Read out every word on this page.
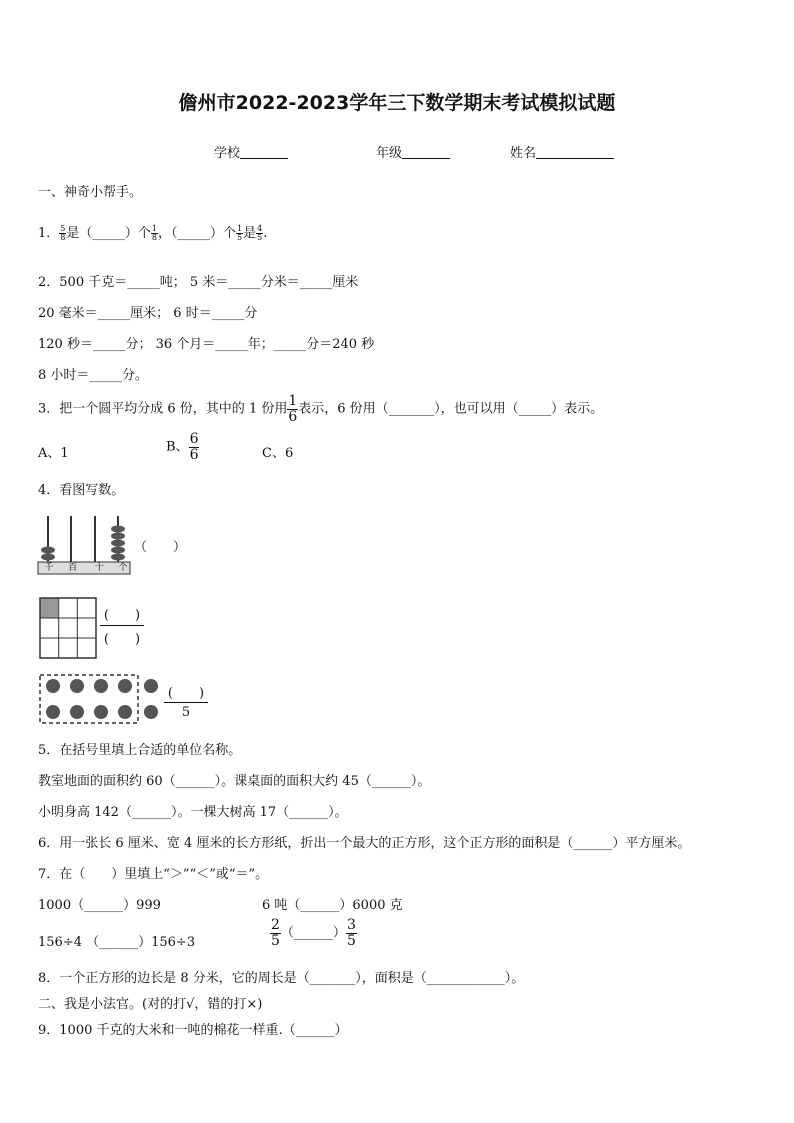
儋州市2022-2023学年三下数学期末考试模拟试题
学校	年级	姓名
一、神奇小帮手。
1． $\frac{5}{8}$ 是（_____）个 $\frac{1}{8}$ ，（_____）个 $\frac{1}{5}$ 是 $\frac{4}{5}$ .
2．500 千克＝_____吨； 5 米＝_____分米＝_____厘米
20 毫米＝_____厘米； 6 时＝_____分
120 秒＝_____分； 36 个月＝_____年；_____分＝240 秒
8 小时＝_____分。
3．把一个圆平均分成 6 份，其中的 1 份用 $\frac{1}{6}$ 表示，6 份用（_______），也可以用（_____）表示。
A、1	B、 $\frac{6}{6}$	C、6
4．看图写数。
千	百	十	个
（　　）
(　　)
(　　)
(　　)
5
5．在括号里填上合适的单位名称。
教室地面的面积约 60（______）。课桌面的面积大约 45（______）。
小明身高 142（______）。一棵大树高 17（______）。
6．用一张长 6 厘米、宽 4 厘米的长方形纸，折出一个最大的正方形，这个正方形的面积是（______）平方厘米。
7．在（　　）里填上“＞”“＜”或“＝”。
1000（______）999	6 吨（______）6000 克
156÷4 （______）156÷3	$\frac{2}{5}$ （______） $\frac{3}{5}$
8．一个正方形的边长是 8 分米，它的周长是（_______），面积是（____________）。
二、我是小法官。(对的打√，错的打×)
9．1000 千克的大米和一吨的棉花一样重.（______）
